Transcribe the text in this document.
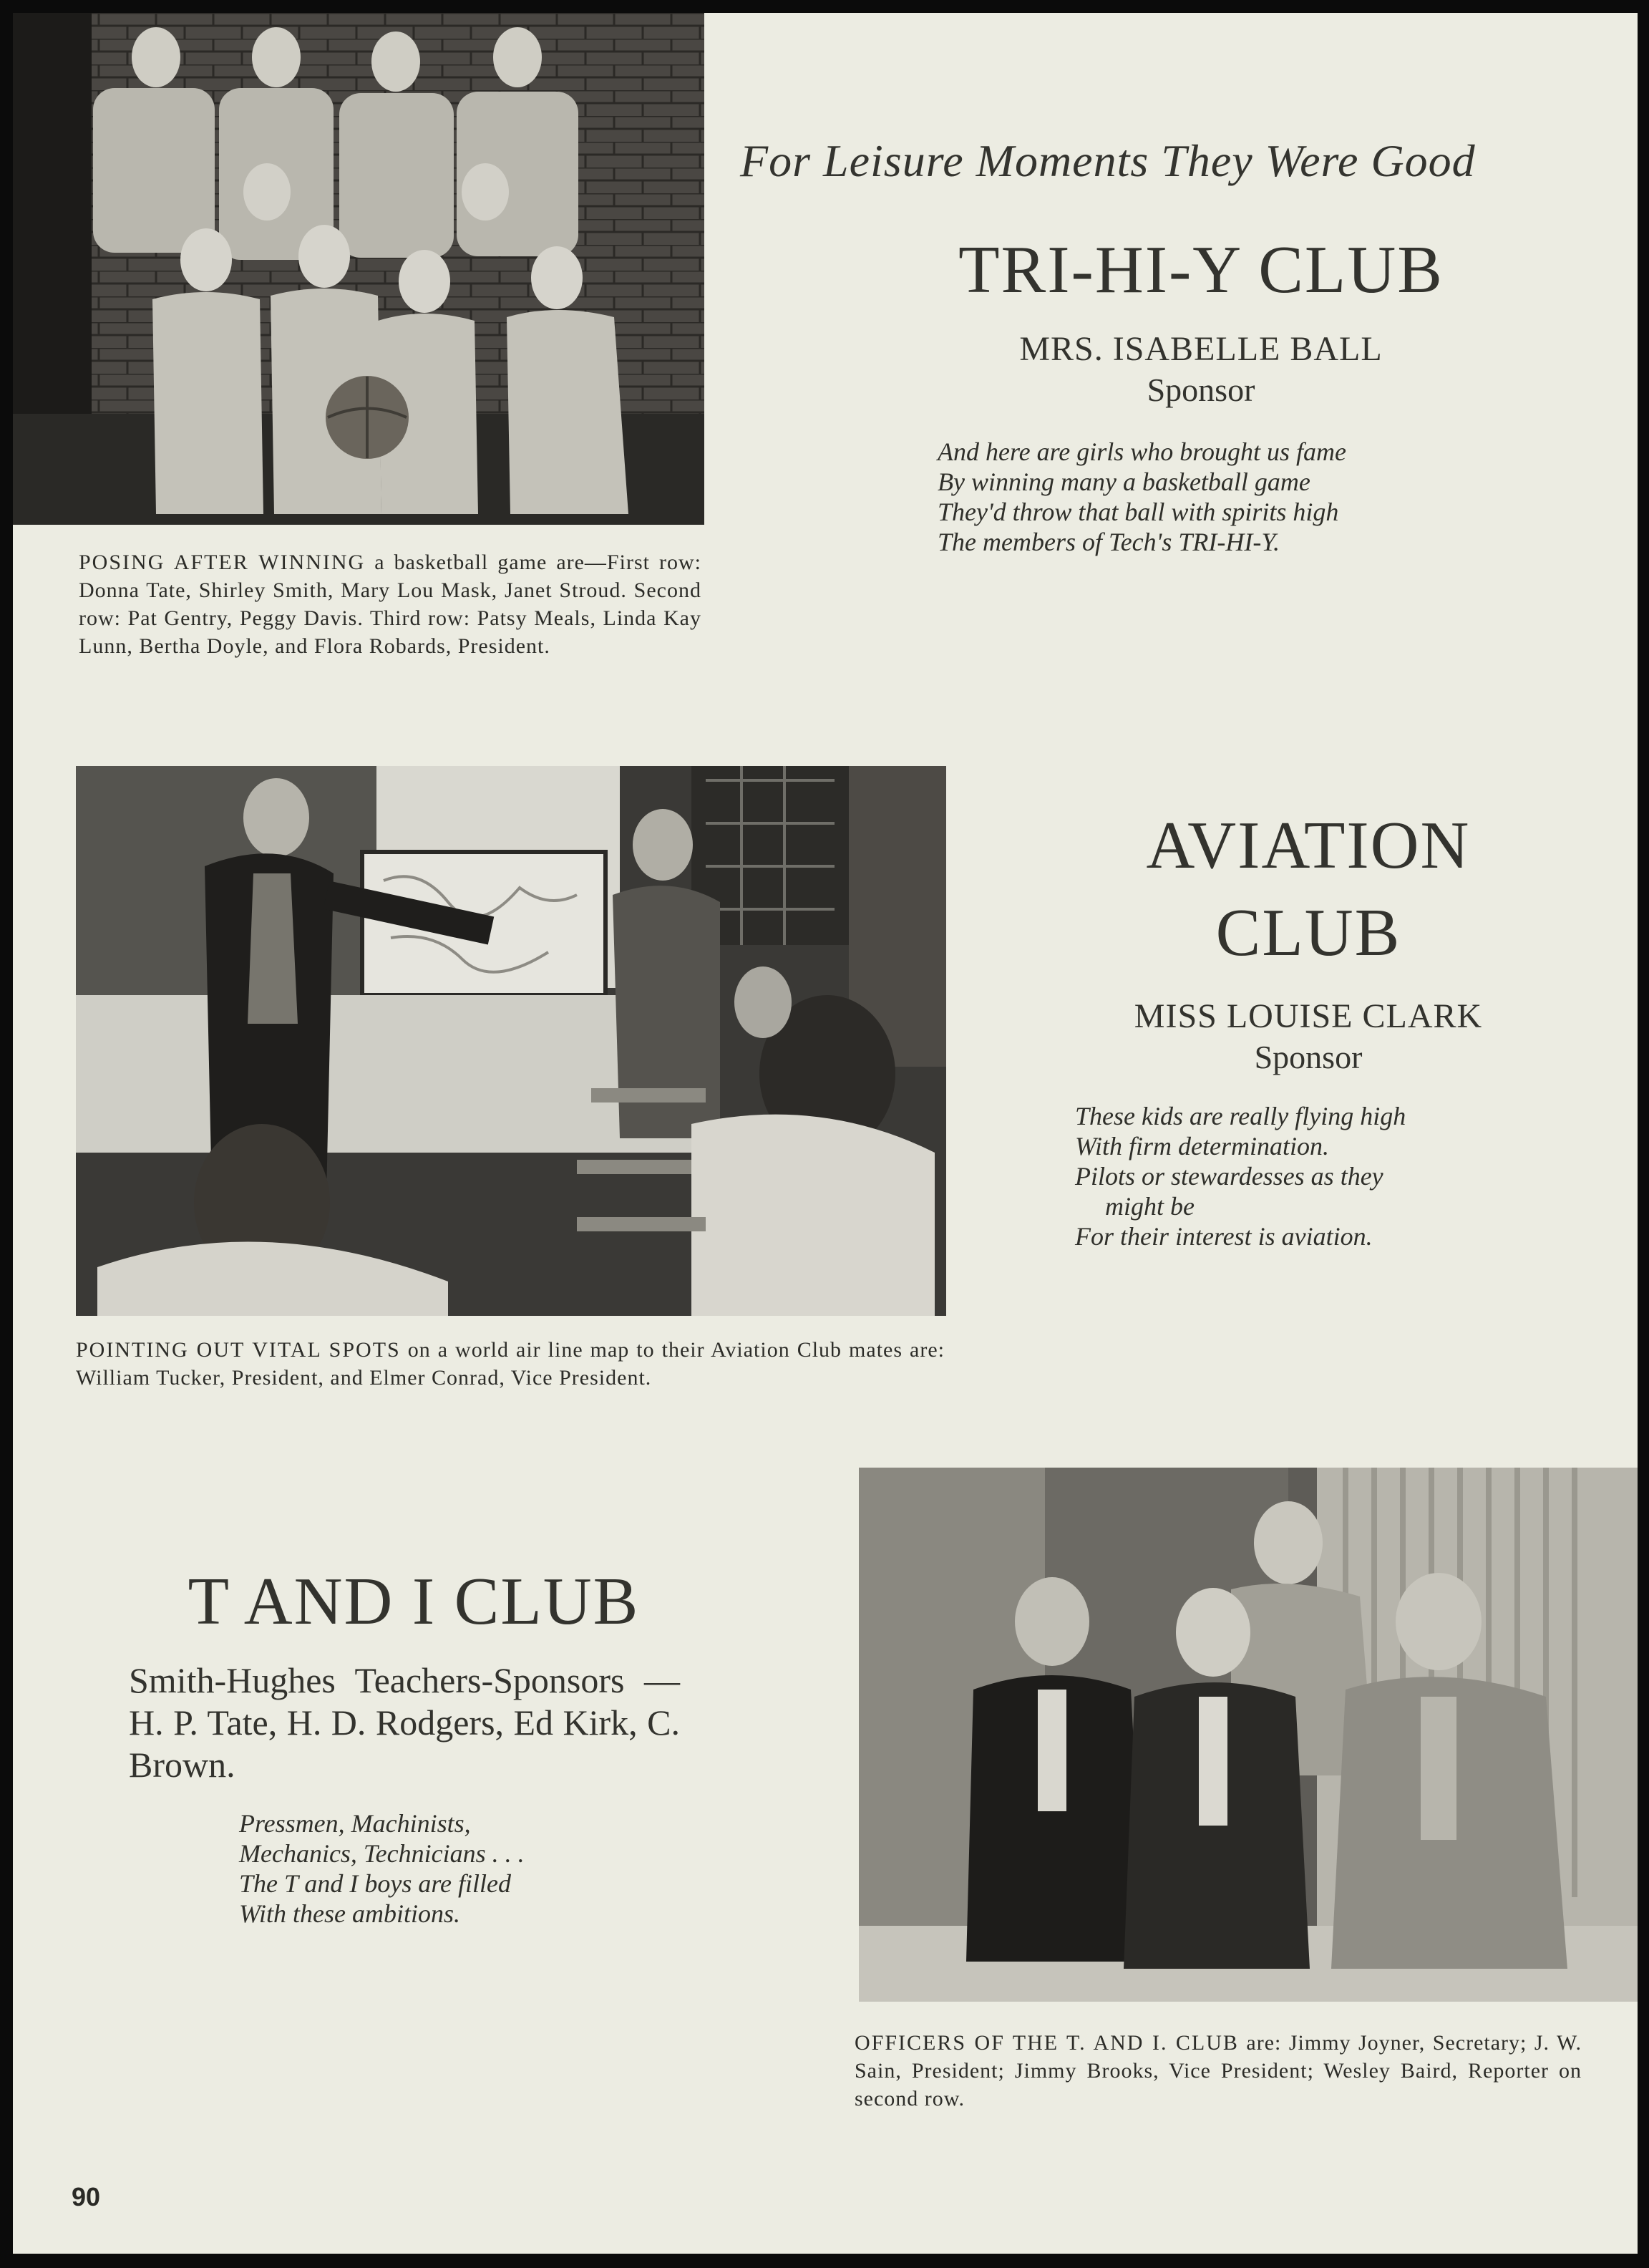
POSING AFTER WINNING a basketball game are—First row: Donna Tate, Shirley Smith, Mary Lou Mask, Janet Stroud. Second row: Pat Gentry, Peggy Davis. Third row: Patsy Meals, Linda Kay Lunn, Bertha Doyle, and Flora Robards, President.
For Leisure Moments They Were Good
TRI-HI-Y CLUB
MRS. ISABELLE BALL
Sponsor
And here are girls who brought us fame
By winning many a basketball game
They'd throw that ball with spirits high
The members of Tech's TRI-HI-Y.
POINTING OUT VITAL SPOTS on a world air line map to their Aviation Club mates are: William Tucker, President, and Elmer Conrad, Vice President.
AVIATION CLUB
MISS LOUISE CLARK
Sponsor
These kids are really flying high
With firm determination.
Pilots or stewardesses as they
might be
For their interest is aviation.
OFFICERS OF THE T. AND I. CLUB are: Jimmy Joyner, Secretary; J. W. Sain, President; Jimmy Brooks, Vice President; Wesley Baird, Reporter on second row.
T AND I CLUB
Smith-Hughes Teachers-Sponsors — H. P. Tate, H. D. Rodgers, Ed Kirk, C. Brown.
Pressmen, Machinists,
Mechanics, Technicians . . .
The T and I boys are filled
With these ambitions.
90
